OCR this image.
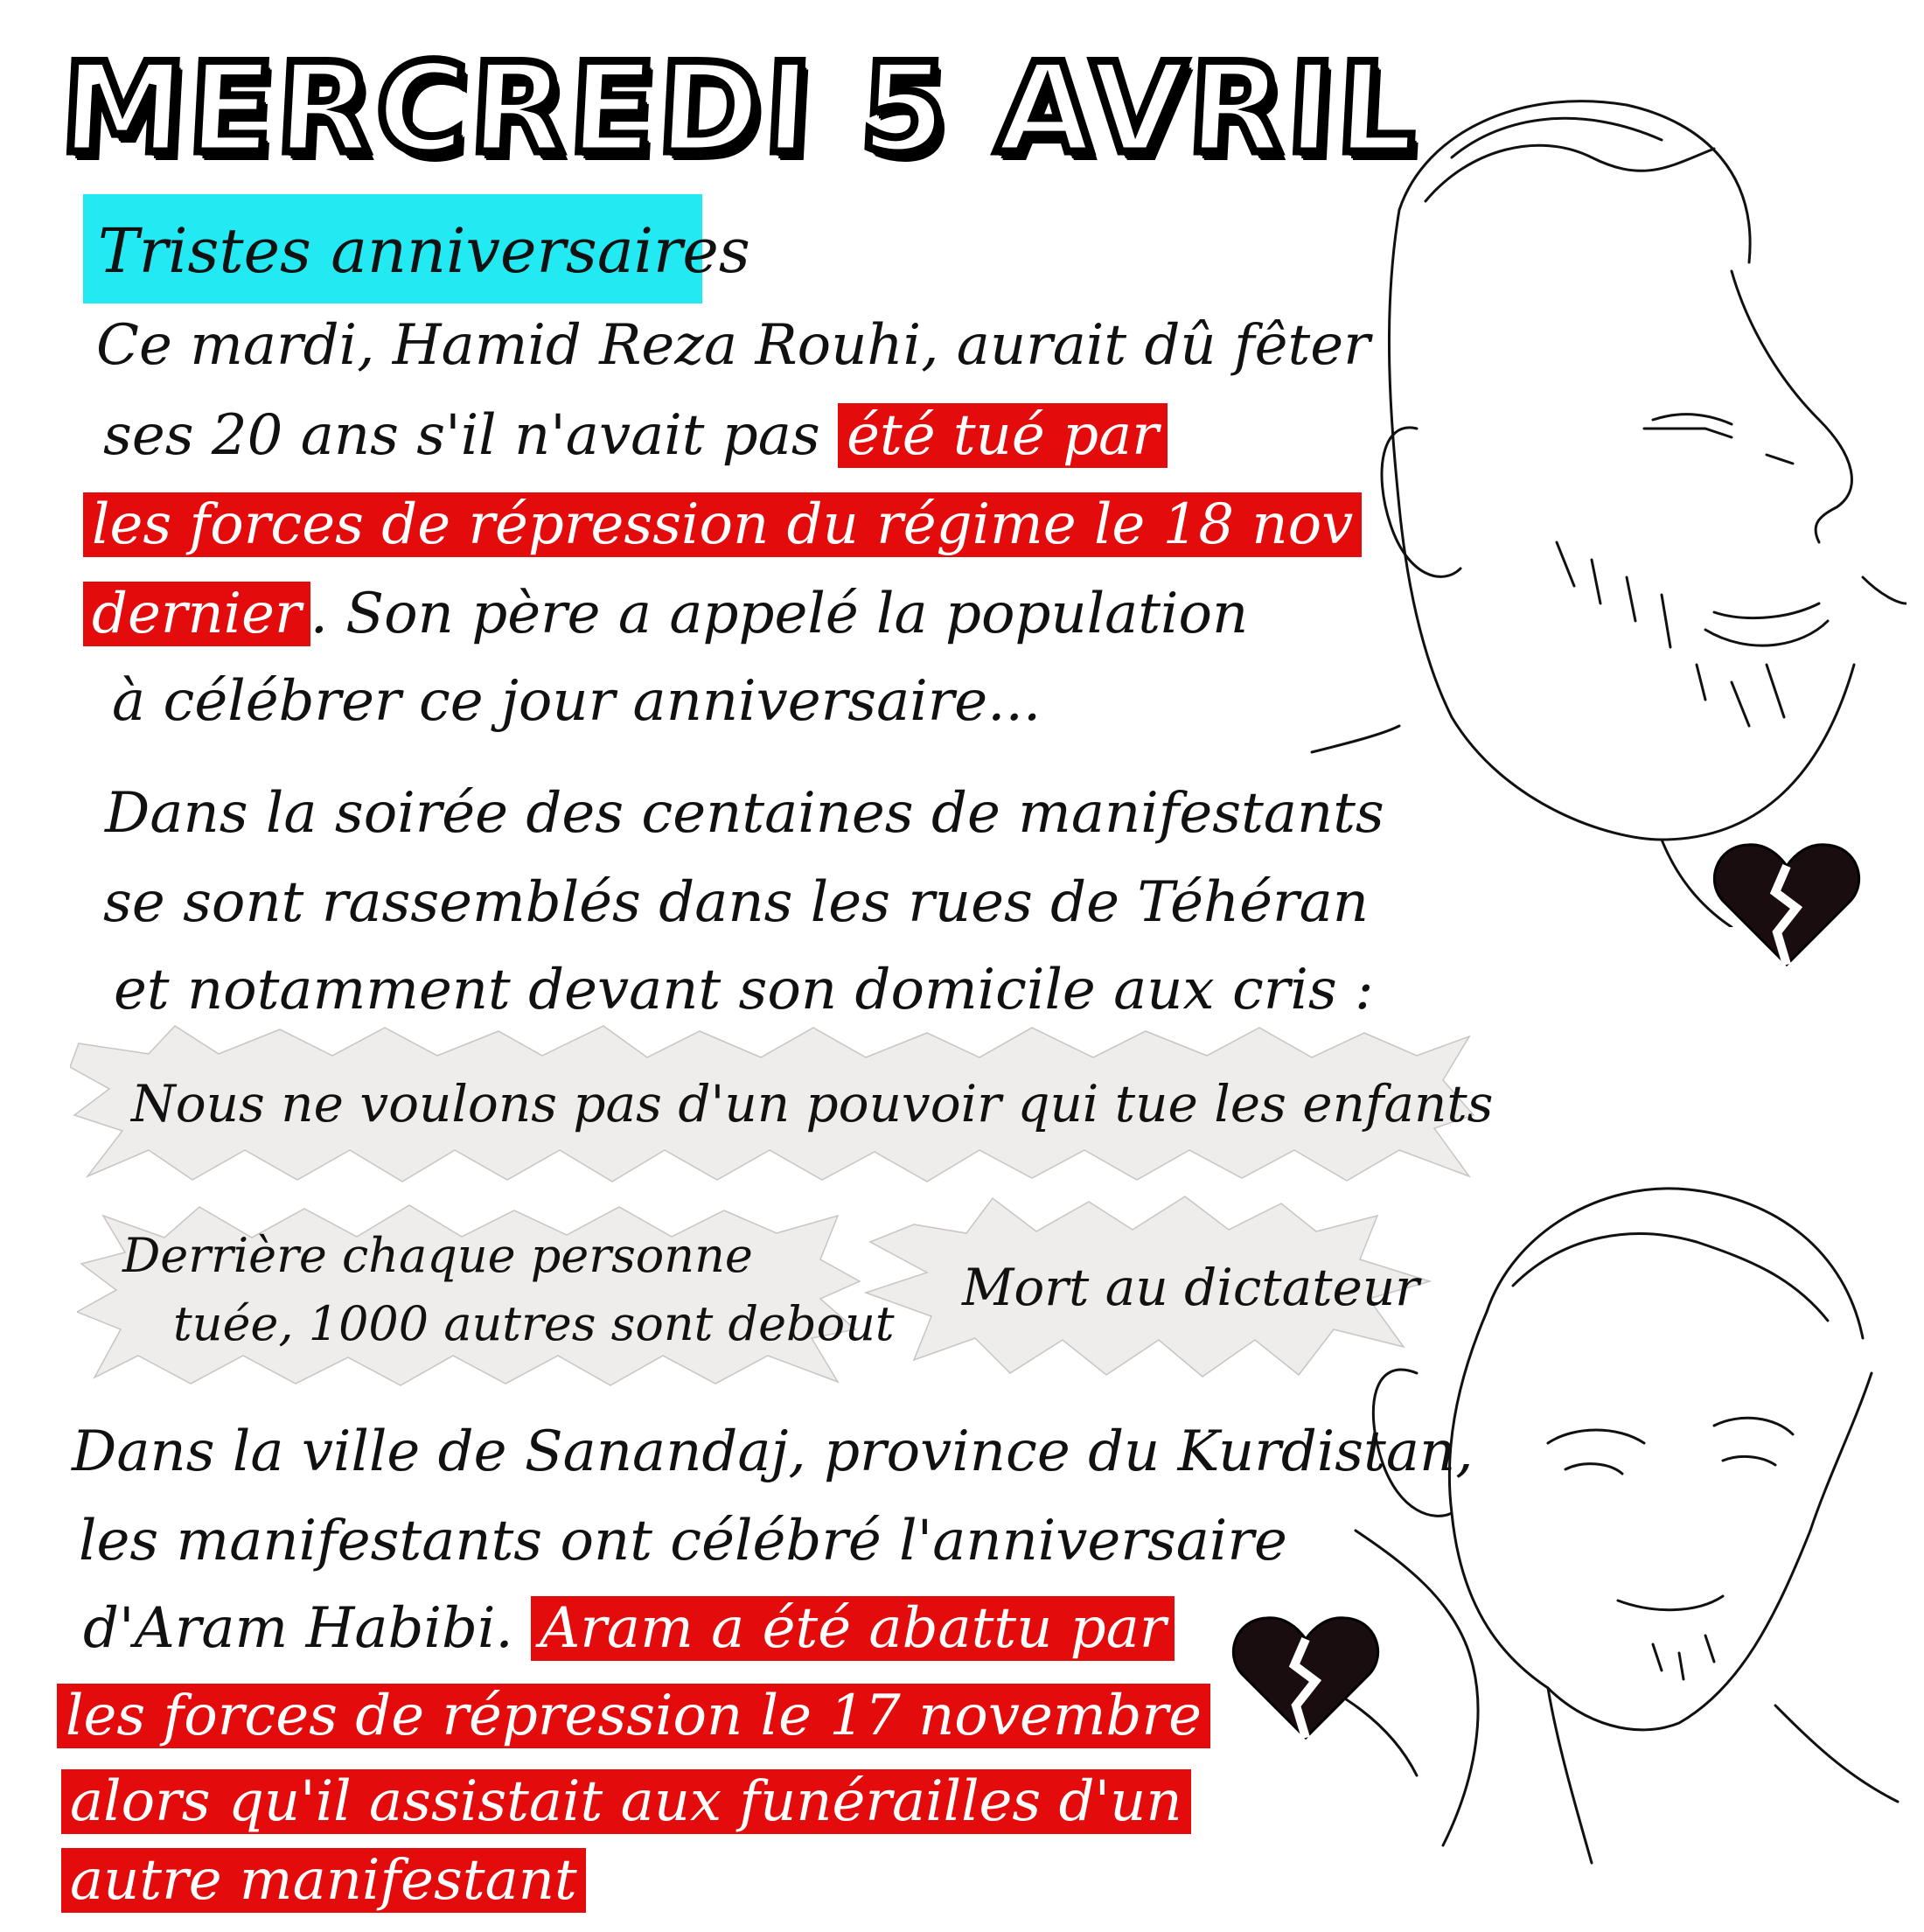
MERCREDI 5 AVRIL
Tristes anniversaires
Ce mardi, Hamid Reza Rouhi, aurait dû fêter
ses 20 ans s'il n'avait pas été tué par
les forces de répression du régime le 18 nov
dernier . Son père a appelé la population
à célébrer ce jour anniversaire...
Dans la soirée des centaines de manifestants
se sont rassemblés dans les rues de Téhéran
et notamment devant son domicile aux cris :
Nous ne voulons pas d'un pouvoir qui tue les enfants
Derrière chaque personne
tuée, 1000 autres sont debout
Mort au dictateur
Dans la ville de Sanandaj, province du Kurdistan,
les manifestants ont célébré l'anniversaire
d'Aram Habibi. Aram a été abattu par
les forces de répression le 17 novembre
alors qu'il assistait aux funérailles d'un
autre manifestant
